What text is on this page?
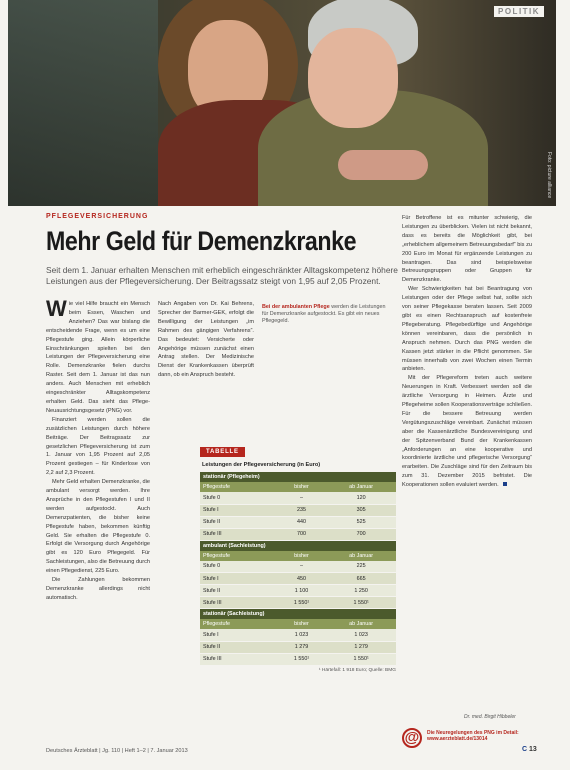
Foto: picture alliance
POLITIK
PFLEGEVERSICHERUNG
Mehr Geld für Demenzkranke
Seit dem 1. Januar erhalten Menschen mit erheblich eingeschränkter Alltagskompetenz höhere Leistungen aus der Pflegeversicherung. Der Beitragssatz steigt von 1,95 auf 2,05 Prozent.

Wie viel Hilfe braucht ein Mensch beim Essen, Waschen und Anziehen? Das war bislang die entscheidende Frage, wenn es um eine Pflegestufe ging. Allein körperliche Einschränkungen spielten bei den Leistungen der Pflegeversicherung eine Rolle. Demenzkranke fielen durchs Raster. Seit dem 1. Januar ist das nun anders. Auch Menschen mit erheblich eingeschränkter Alltagskompetenz erhalten Geld. Das sieht das Pflege-Neuausrichtungsgesetz (PNG) vor.

Finanziert werden sollen die zusätzlichen Leistungen durch höhere Beiträge. Der Beitragssatz zur gesetzlichen Pflegeversicherung ist zum 1. Januar von 1,95 Prozent auf 2,05 Prozent gestiegen – für Kinderlose von 2,2 auf 2,3 Prozent.

Mehr Geld erhalten Demenzkranke, die ambulant versorgt werden. Ihre Ansprüche in den Pflegestufen I und II werden aufgestockt. Auch Demenzpatienten, die bisher keine Pflegestufe haben, bekommen künftig Geld. Sie erhalten die Pflegestufe 0. Erfolgt die Versorgung durch Angehörige gibt es 120 Euro Pflegegeld. Für Sachleistungen, also die Betreuung durch einen Pflegedienst, 225 Euro.

Die Zahlungen bekommen Demenzkranke allerdings nicht automatisch.

Nach Angaben von Dr. Kai Behrens, Sprecher der Barmer-GEK, erfolgt die Bewilligung der Leistungen „im Rahmen des gängigen Verfahrens“. Das bedeutet: Versicherte oder Angehörige müssen zunächst einen Antrag stellen. Der Medizinische Dienst der Krankenkassen überprüft dann, ob ein Anspruch besteht.

Bei der ambulanten Pflege werden die Leistungen für Demenzkranke aufgestockt. Es gibt ein neues Pflegegeld.
TABELLE
Leistungen der Pflegeversicherung (in Euro)
stationär (Pflegeheim)		
Pflegestufe	bisher	ab Januar
Stufe 0	–	120
Stufe I	235	305
Stufe II	440	525
Stufe III	700	700
ambulant (Sachleistung)		
Pflegestufe	bisher	ab Januar
Stufe 0	–	225
Stufe I	450	665
Stufe II	1 100	1 250
Stufe III	1 550¹	1 550¹
stationär (Sachleistung)		
Pflegestufe	bisher	ab Januar
Stufe I	1 023	1 023
Stufe II	1 279	1 279
Stufe III	1 550¹	1 550¹
¹ Härtefall: 1 918 Euro; Quelle: BMG

Für Betroffene ist es mitunter schwierig, die Leistungen zu überblicken. Vielen ist nicht bekannt, dass es bereits die Möglichkeit gibt, bei „erheblichem allgemeinem Betreuungsbedarf“ bis zu 200 Euro im Monat für ergänzende Leistungen zu beantragen. Das sind beispielsweise Betreuungsgruppen oder Gruppen für Demenzkranke.

Wer Schwierigkeiten hat bei Beantragung von Leistungen oder der Pflege selbst hat, sollte sich von seiner Pflegekasse beraten lassen. Seit 2009 gibt es einen Rechtsanspruch auf kostenfreie Pflegeberatung. Pflegebedürftige und Angehörige können vereinbaren, dass die persönlich in Anspruch nehmen. Durch das PNG werden die Kassen jetzt stärker in die Pflicht genommen. Sie müssen innerhalb von zwei Wochen einen Termin anbieten.

Mit der Pflegereform treten auch weitere Neuerungen in Kraft. Verbessert werden soll die ärztliche Versorgung in Heimen. Ärzte und Pflegeheime sollen Kooperationsverträge schließen. Für die bessere Betreuung werden Vergütungszuschläge vereinbart. Zunächst müssen aber die Kassenärztliche Bundesvereinigung und der Spitzenverband Bund der Krankenkassen „Anforderungen an eine kooperative und koordinierte ärztliche und pflegerische Versorgung“ erarbeiten. Die Zuschläge sind für den Zeitraum bis zum 31. Dezember 2015 befristet. Die Kooperationen sollen evaluiert werden.

Dr. med. Birgit Hibbeler
@	Die Neuregelungen des PNG im Detail: www.aerzteblatt.de/13014
Deutsches Ärzteblatt | Jg. 110 | Heft 1–2 | 7. Januar 2013	C 13
